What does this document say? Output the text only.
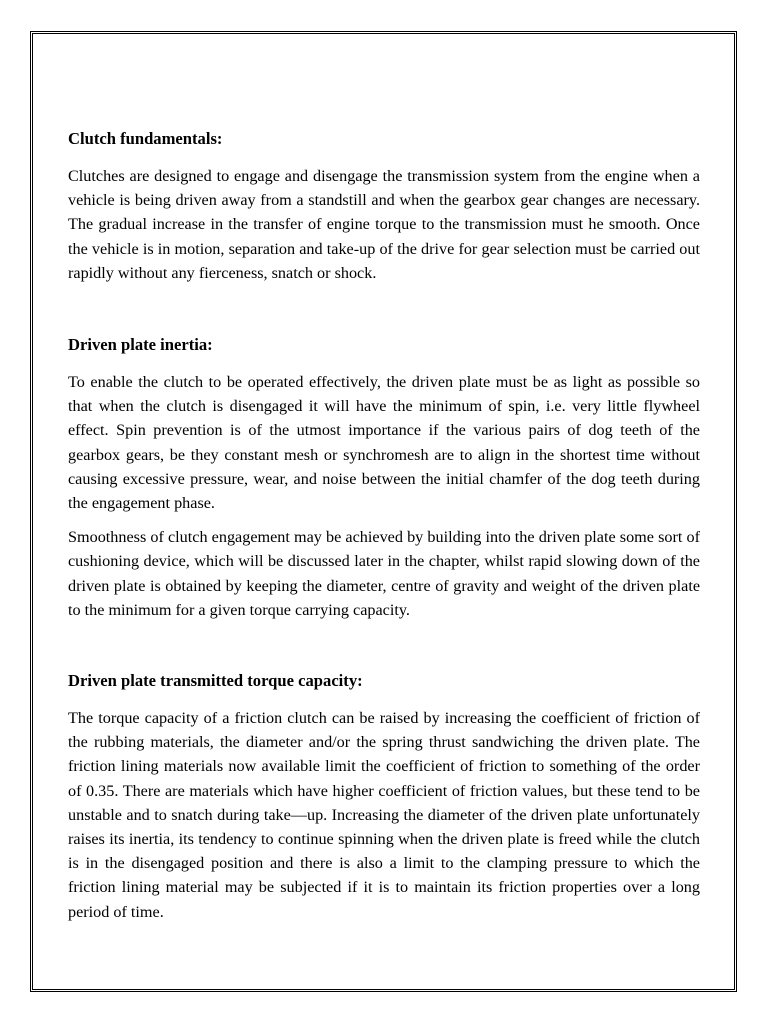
Clutch fundamentals:

Clutches are designed to engage and disengage the transmission system from the engine when a vehicle is being driven away from a standstill and when the gearbox gear changes are necessary. The gradual increase in the transfer of engine torque to the transmission must he smooth. Once the vehicle is in motion, separation and take-up of the drive for gear selection must be carried out rapidly without any fierceness, snatch or shock.

Driven plate inertia:

To enable the clutch to be operated effectively, the driven plate must be as light as possible so that when the clutch is disengaged it will have the minimum of spin, i.e. very little flywheel effect. Spin prevention is of the utmost importance if the various pairs of dog teeth of the gearbox gears, be they constant mesh or synchromesh are to align in the shortest time without causing excessive pressure, wear, and noise between the initial chamfer of the dog teeth during the engagement phase.

Smoothness of clutch engagement may be achieved by building into the driven plate some sort of cushioning device, which will be discussed later in the chapter, whilst rapid slowing down of the driven plate is obtained by keeping the diameter, centre of gravity and weight of the driven plate to the minimum for a given torque carrying capacity.

Driven plate transmitted torque capacity:

The torque capacity of a friction clutch can be raised by increasing the coefficient of friction of the rubbing materials, the diameter and/or the spring thrust sandwiching the driven plate. The friction lining materials now available limit the coefficient of friction to something of the order of 0.35. There are materials which have higher coefficient of friction values, but these tend to be unstable and to snatch during take—up. Increasing the diameter of the driven plate unfortunately raises its inertia, its tendency to continue spinning when the driven plate is freed while the clutch is in the disengaged position and there is also a limit to the clamping pressure to which the friction lining material may be subjected if it is to maintain its friction properties over a long period of time.
